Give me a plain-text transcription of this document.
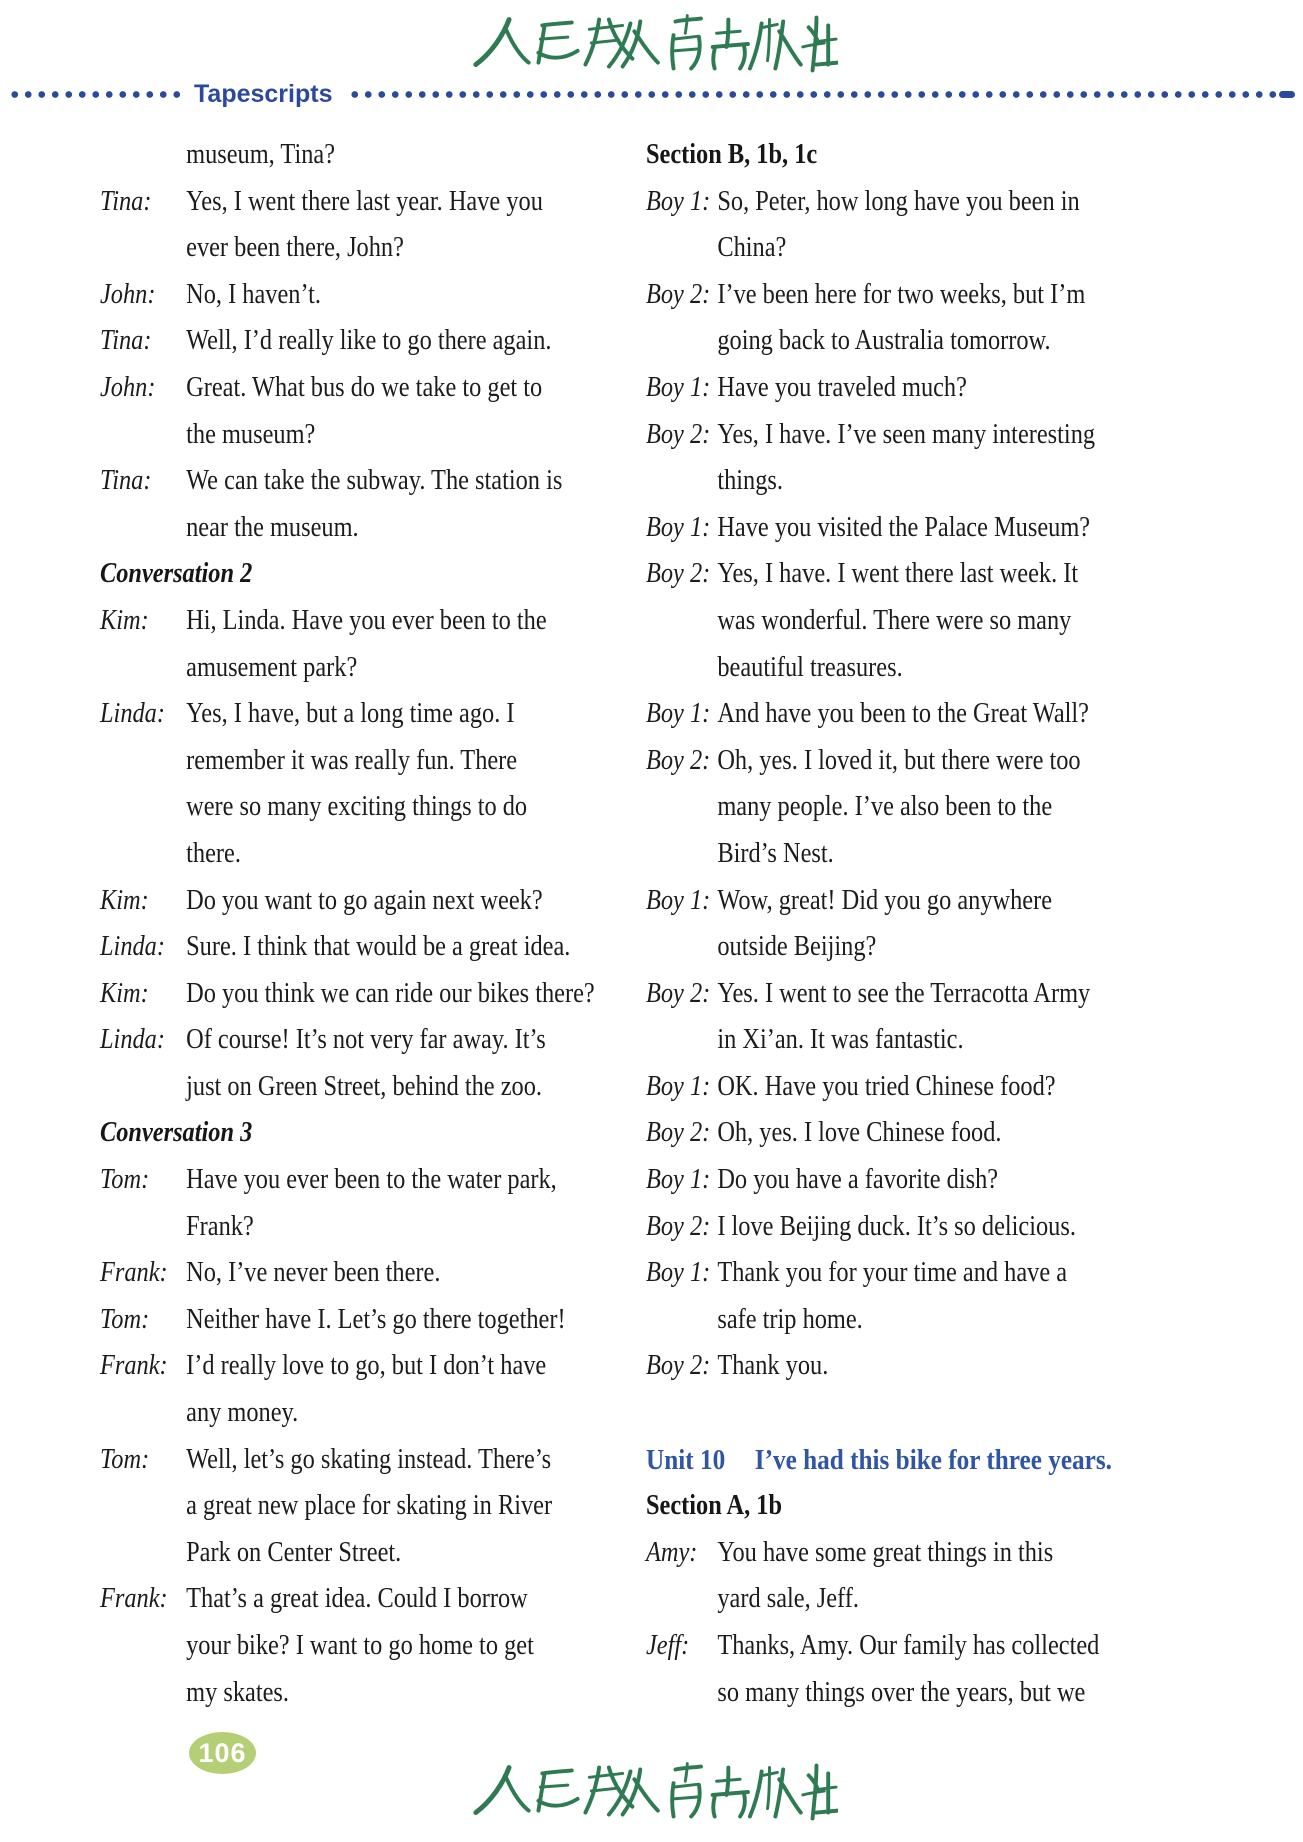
Tapescripts
museum, Tina?
Tina: Yes, I went there last year. Have you
ever been there, John?
John: No, I haven’t.
Tina: Well, I’d really like to go there again.
John: Great. What bus do we take to get to
the museum?
Tina: We can take the subway. The station is
near the museum.
Conversation 2
Kim: Hi, Linda. Have you ever been to the
amusement park?
Linda: Yes, I have, but a long time ago. I
remember it was really fun. There
were so many exciting things to do
there.
Kim: Do you want to go again next week?
Linda: Sure. I think that would be a great idea.
Kim: Do you think we can ride our bikes there?
Linda: Of course! It’s not very far away. It’s
just on Green Street, behind the zoo.
Conversation 3
Tom: Have you ever been to the water park,
Frank?
Frank: No, I’ve never been there.
Tom: Neither have I. Let’s go there together!
Frank: I’d really love to go, but I don’t have
any money.
Tom: Well, let’s go skating instead. There’s
a great new place for skating in River
Park on Center Street.
Frank: That’s a great idea. Could I borrow
your bike? I want to go home to get
my skates.
Section B, 1b, 1c
Boy 1: So, Peter, how long have you been in
China?
Boy 2: I’ve been here for two weeks, but I’m
going back to Australia tomorrow.
Boy 1: Have you traveled much?
Boy 2: Yes, I have. I’ve seen many interesting
things.
Boy 1: Have you visited the Palace Museum?
Boy 2: Yes, I have. I went there last week. It
was wonderful. There were so many
beautiful treasures.
Boy 1: And have you been to the Great Wall?
Boy 2: Oh, yes. I loved it, but there were too
many people. I’ve also been to the
Bird’s Nest.
Boy 1: Wow, great! Did you go anywhere
outside Beijing?
Boy 2: Yes. I went to see the Terracotta Army
in Xi’an. It was fantastic.
Boy 1: OK. Have you tried Chinese food?
Boy 2: Oh, yes. I love Chinese food.
Boy 1: Do you have a favorite dish?
Boy 2: I love Beijing duck. It’s so delicious.
Boy 1: Thank you for your time and have a
safe trip home.
Boy 2: Thank you.
Unit 10 I’ve had this bike for three years.
Section A, 1b
Amy: You have some great things in this
yard sale, Jeff.
Jeff: Thanks, Amy. Our family has collected
so many things over the years, but we
106
